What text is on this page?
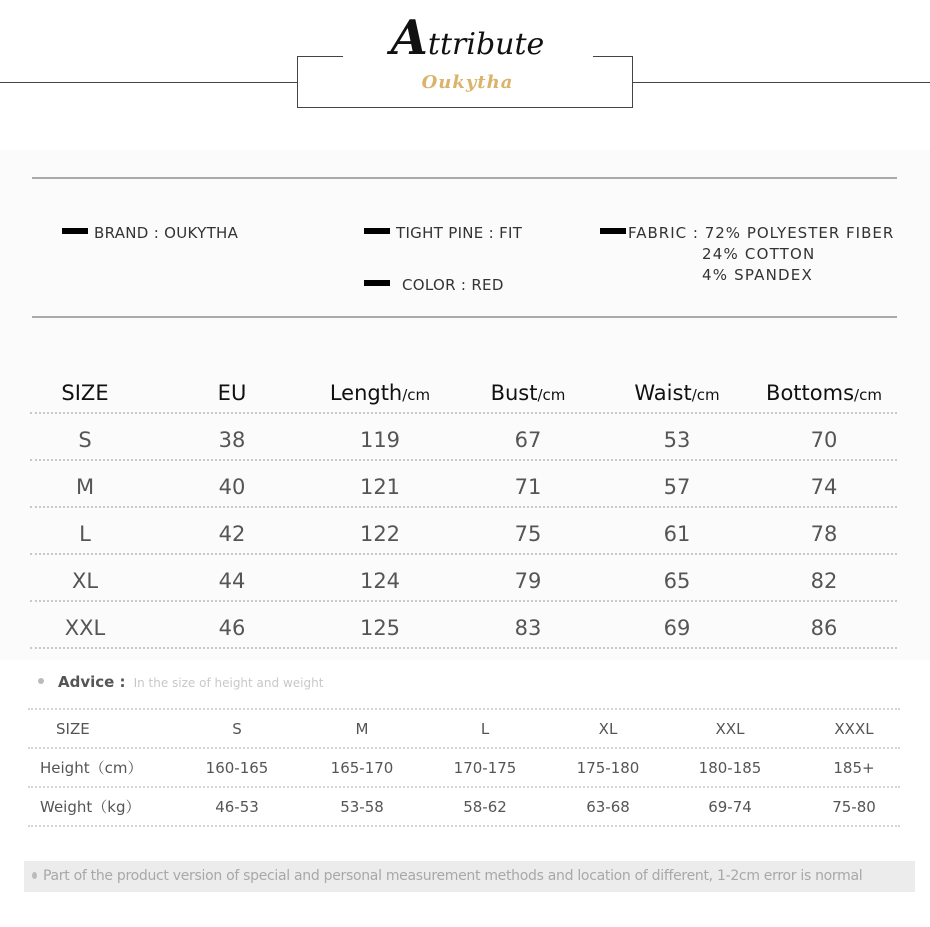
Attribute
Oukytha
BRAND : OUKYTHA	TIGHT PINE : FIT
COLOR : RED
FABRIC : 72% POLYESTER FIBER
24% COTTON
4% SPANDEX
SIZE	EU	Length/cm	Bust/cm	Waist/cm	Bottoms/cm
S	38	119	67	53	70
M	40	121	71	57	74
L	42	122	75	61	78
XL	44	124	79	65	82
XXL	46	125	83	69	86
Advice : In the size of height and weight
SIZE	S	M	L	XL	XXL	XXXL
Height（cm）	160-165	165-170	170-175	175-180	180-185	185+
Weight（kg）	46-53	53-58	58-62	63-68	69-74	75-80
Part of the product version of special and personal measurement methods and location of different, 1-2cm error is normal
